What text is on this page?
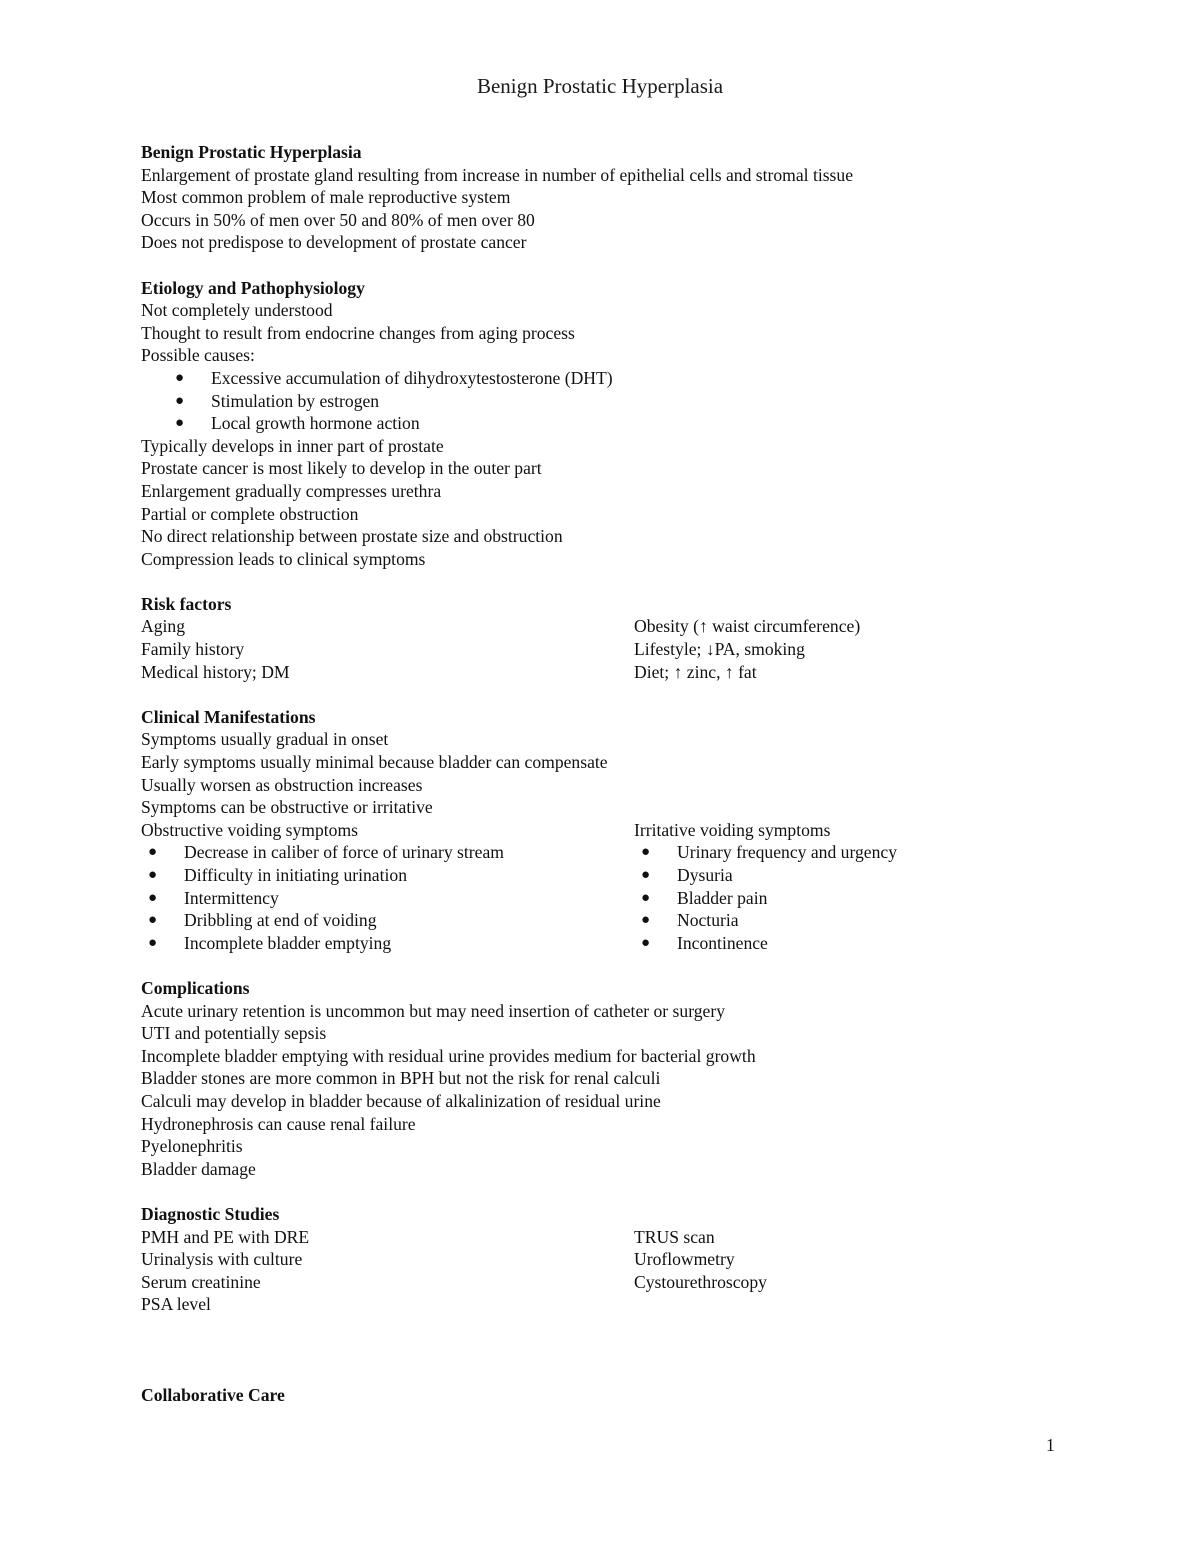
Benign Prostatic Hyperplasia
Benign Prostatic Hyperplasia
Enlargement of prostate gland resulting from increase in number of epithelial cells and stromal tissue
Most common problem of male reproductive system
Occurs in 50% of men over 50 and 80% of men over 80
Does not predispose to development of prostate cancer
Etiology and Pathophysiology
Not completely understood
Thought to result from endocrine changes from aging process
Possible causes:
● Excessive accumulation of dihydroxytestosterone (DHT)
● Stimulation by estrogen
● Local growth hormone action
Typically develops in inner part of prostate
Prostate cancer is most likely to develop in the outer part
Enlargement gradually compresses urethra
Partial or complete obstruction
No direct relationship between prostate size and obstruction
Compression leads to clinical symptoms
Risk factors
Aging
Family history
Medical history; DM
Obesity (↑ waist circumference)
Lifestyle; ↓PA, smoking
Diet; ↑ zinc, ↑ fat
Clinical Manifestations
Symptoms usually gradual in onset
Early symptoms usually minimal because bladder can compensate
Usually worsen as obstruction increases
Symptoms can be obstructive or irritative
Obstructive voiding symptoms
● Decrease in caliber of force of urinary stream
● Difficulty in initiating urination
● Intermittency
● Dribbling at end of voiding
● Incomplete bladder emptying
Irritative voiding symptoms
● Urinary frequency and urgency
● Dysuria
● Bladder pain
● Nocturia
● Incontinence
Complications
Acute urinary retention is uncommon but may need insertion of catheter or surgery
UTI and potentially sepsis
Incomplete bladder emptying with residual urine provides medium for bacterial growth
Bladder stones are more common in BPH but not the risk for renal calculi
Calculi may develop in bladder because of alkalinization of residual urine
Hydronephrosis can cause renal failure
Pyelonephritis
Bladder damage
Diagnostic Studies
PMH and PE with DRE
Urinalysis with culture
Serum creatinine
PSA level
TRUS scan
Uroflowmetry
Cystourethroscopy
Collaborative Care
1
